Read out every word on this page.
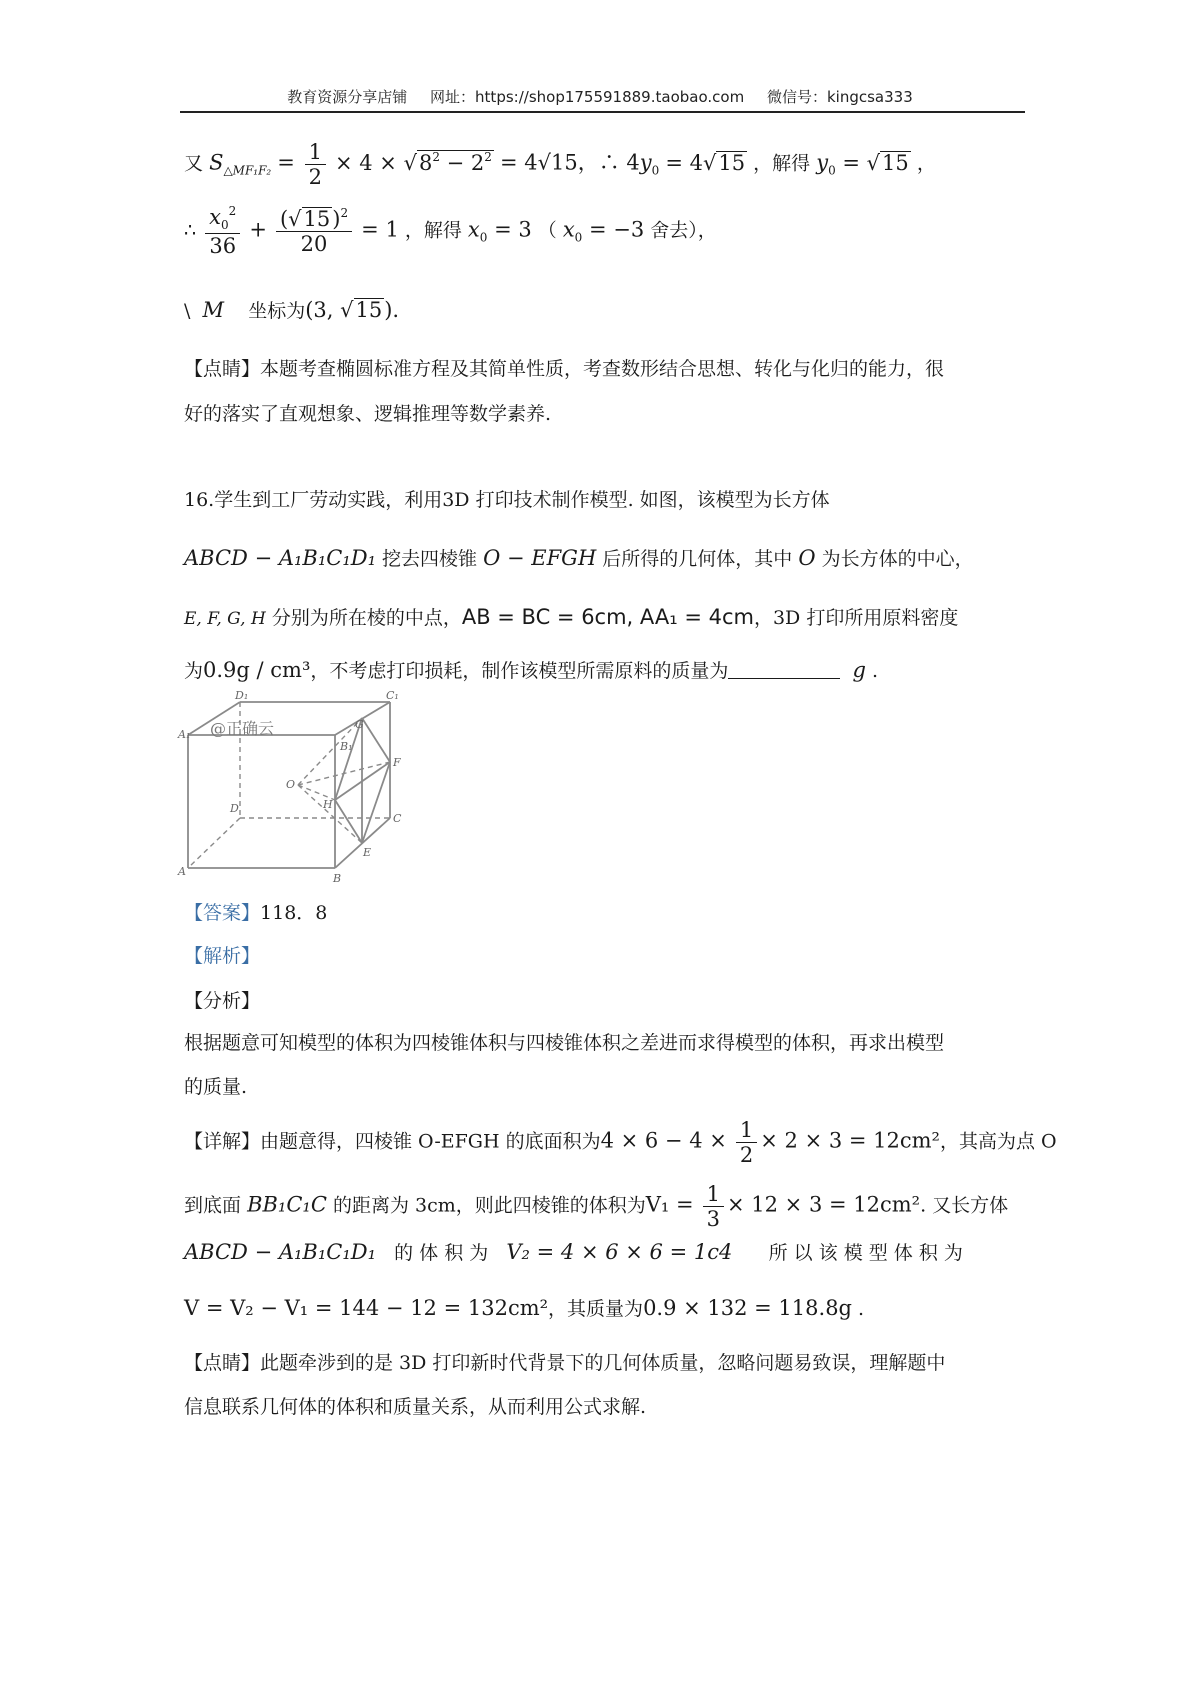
教育资源分享店铺 网址：https://shop175591889.taobao.com 微信号：kingcsa333
又 $S_{\triangle MF_1F_2} = \frac{1}{2} \times 4 \times √8^2 - 2^2 = 4√15$，∴ $4y_0 = 4√15$ ，解得 $y_0 = √15$ ，
∴ $\frac{x_0^2}{36} + \frac{(√15)^2}{20} = 1$ ，解得 $x_0 = 3$ （ $x_0 = -3$ 舍去），
\ M 坐标为(3, √15).
【点睛】本题考查椭圆标准方程及其简单性质，考查数形结合思想、转化与化归的能力，很
好的落实了直观想象、逻辑推理等数学素养.
16.学生到工厂劳动实践，利用3D 打印技术制作模型. 如图，该模型为长方体
ABCD − A₁B₁C₁D₁ 挖去四棱锥 O − EFGH 后所得的几何体，其中 O 为长方体的中心，
E, F, G, H 分别为所在棱的中点，AB = BC = 6cm, AA₁ = 4cm，3D 打印所用原料密度
为0.9g / cm³，不考虑打印损耗，制作该模型所需原料的质量为	g .
@正确云
D₁	C₁
A₁
G
B₁
F
O
H
D
C
E
A
B
【答案】118．8
【解析】
【分析】
根据题意可知模型的体积为四棱锥体积与四棱锥体积之差进而求得模型的体积，再求出模型
的质量.
【详解】由题意得，四棱锥 O-EFGH 的底面积为$4 \times 6 - 4 \times \frac{1}{2} \times 2 \times 3 = 12cm^2$，其高为点 O
到底面 BB₁C₁C 的距离为 3cm，则此四棱锥的体积为$V_1 = \frac{1}{3} \times 12 \times 3 = 12cm^2$. 又长方体
ABCD − A₁B₁C₁D₁ 的 体 积 为 V₂ = 4 × 6 × 6 = 1c4 所 以 该 模 型 体 积 为
V = V₂ − V₁ = 144 − 12 = 132cm²，其质量为0.9 × 132 = 118.8g .
【点睛】此题牵涉到的是 3D 打印新时代背景下的几何体质量，忽略问题易致误，理解题中
信息联系几何体的体积和质量关系，从而利用公式求解.
